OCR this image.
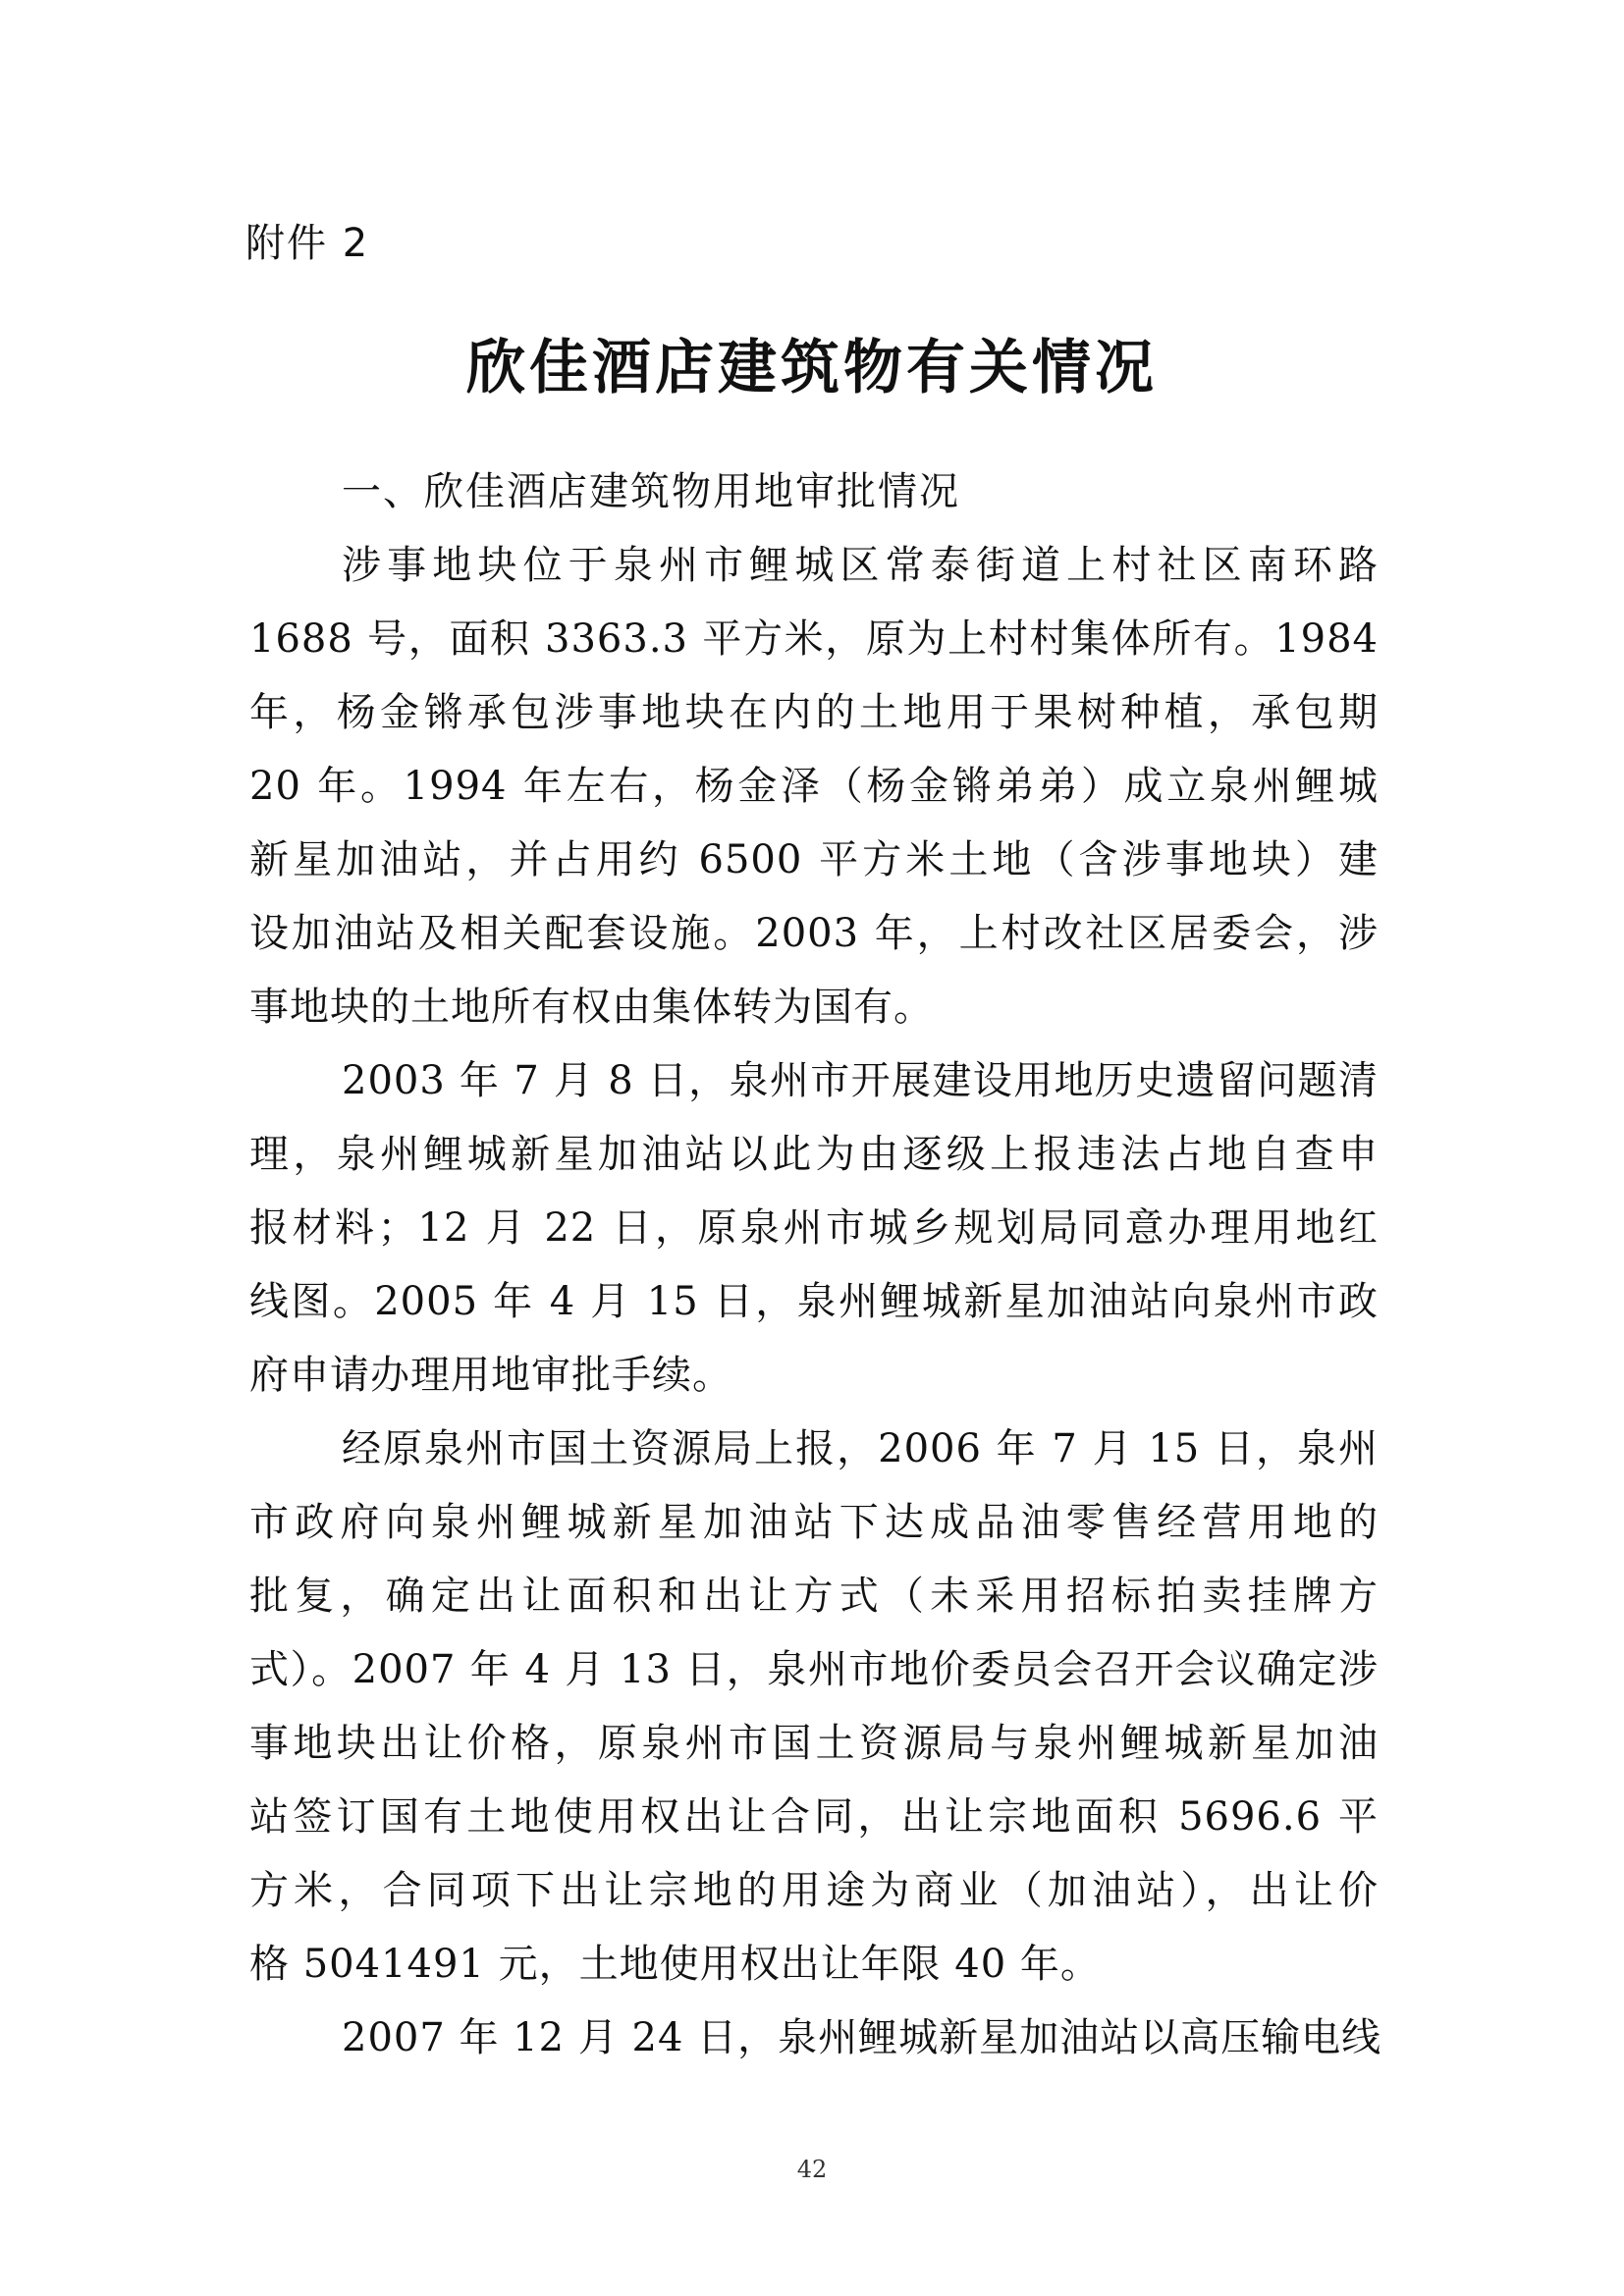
附件 2
欣佳酒店建筑物有关情况

一、欣佳酒店建筑物用地审批情况

涉事地块位于泉州市鲤城区常泰街道上村社区南环路
1688 号，面积 3363.3 平方米，原为上村村集体所有。1984
年，杨金锵承包涉事地块在内的土地用于果树种植，承包期
20 年。1994 年左右，杨金泽（杨金锵弟弟）成立泉州鲤城
新星加油站，并占用约 6500 平方米土地（含涉事地块）建
设加油站及相关配套设施。2003 年，上村改社区居委会，涉
事地块的土地所有权由集体转为国有。

2003 年 7 月 8 日，泉州市开展建设用地历史遗留问题清
理，泉州鲤城新星加油站以此为由逐级上报违法占地自查申
报材料；12 月 22 日，原泉州市城乡规划局同意办理用地红
线图。2005 年 4 月 15 日，泉州鲤城新星加油站向泉州市政
府申请办理用地审批手续。

经原泉州市国土资源局上报，2006 年 7 月 15 日，泉州
市政府向泉州鲤城新星加油站下达成品油零售经营用地的
批复，确定出让面积和出让方式（未采用招标拍卖挂牌方
式）。2007 年 4 月 13 日，泉州市地价委员会召开会议确定涉
事地块出让价格，原泉州市国土资源局与泉州鲤城新星加油
站签订国有土地使用权出让合同，出让宗地面积 5696.6 平
方米，合同项下出让宗地的用途为商业（加油站），出让价
格 5041491 元，土地使用权出让年限 40 年。

2007 年 12 月 24 日，泉州鲤城新星加油站以高压输电线

42
